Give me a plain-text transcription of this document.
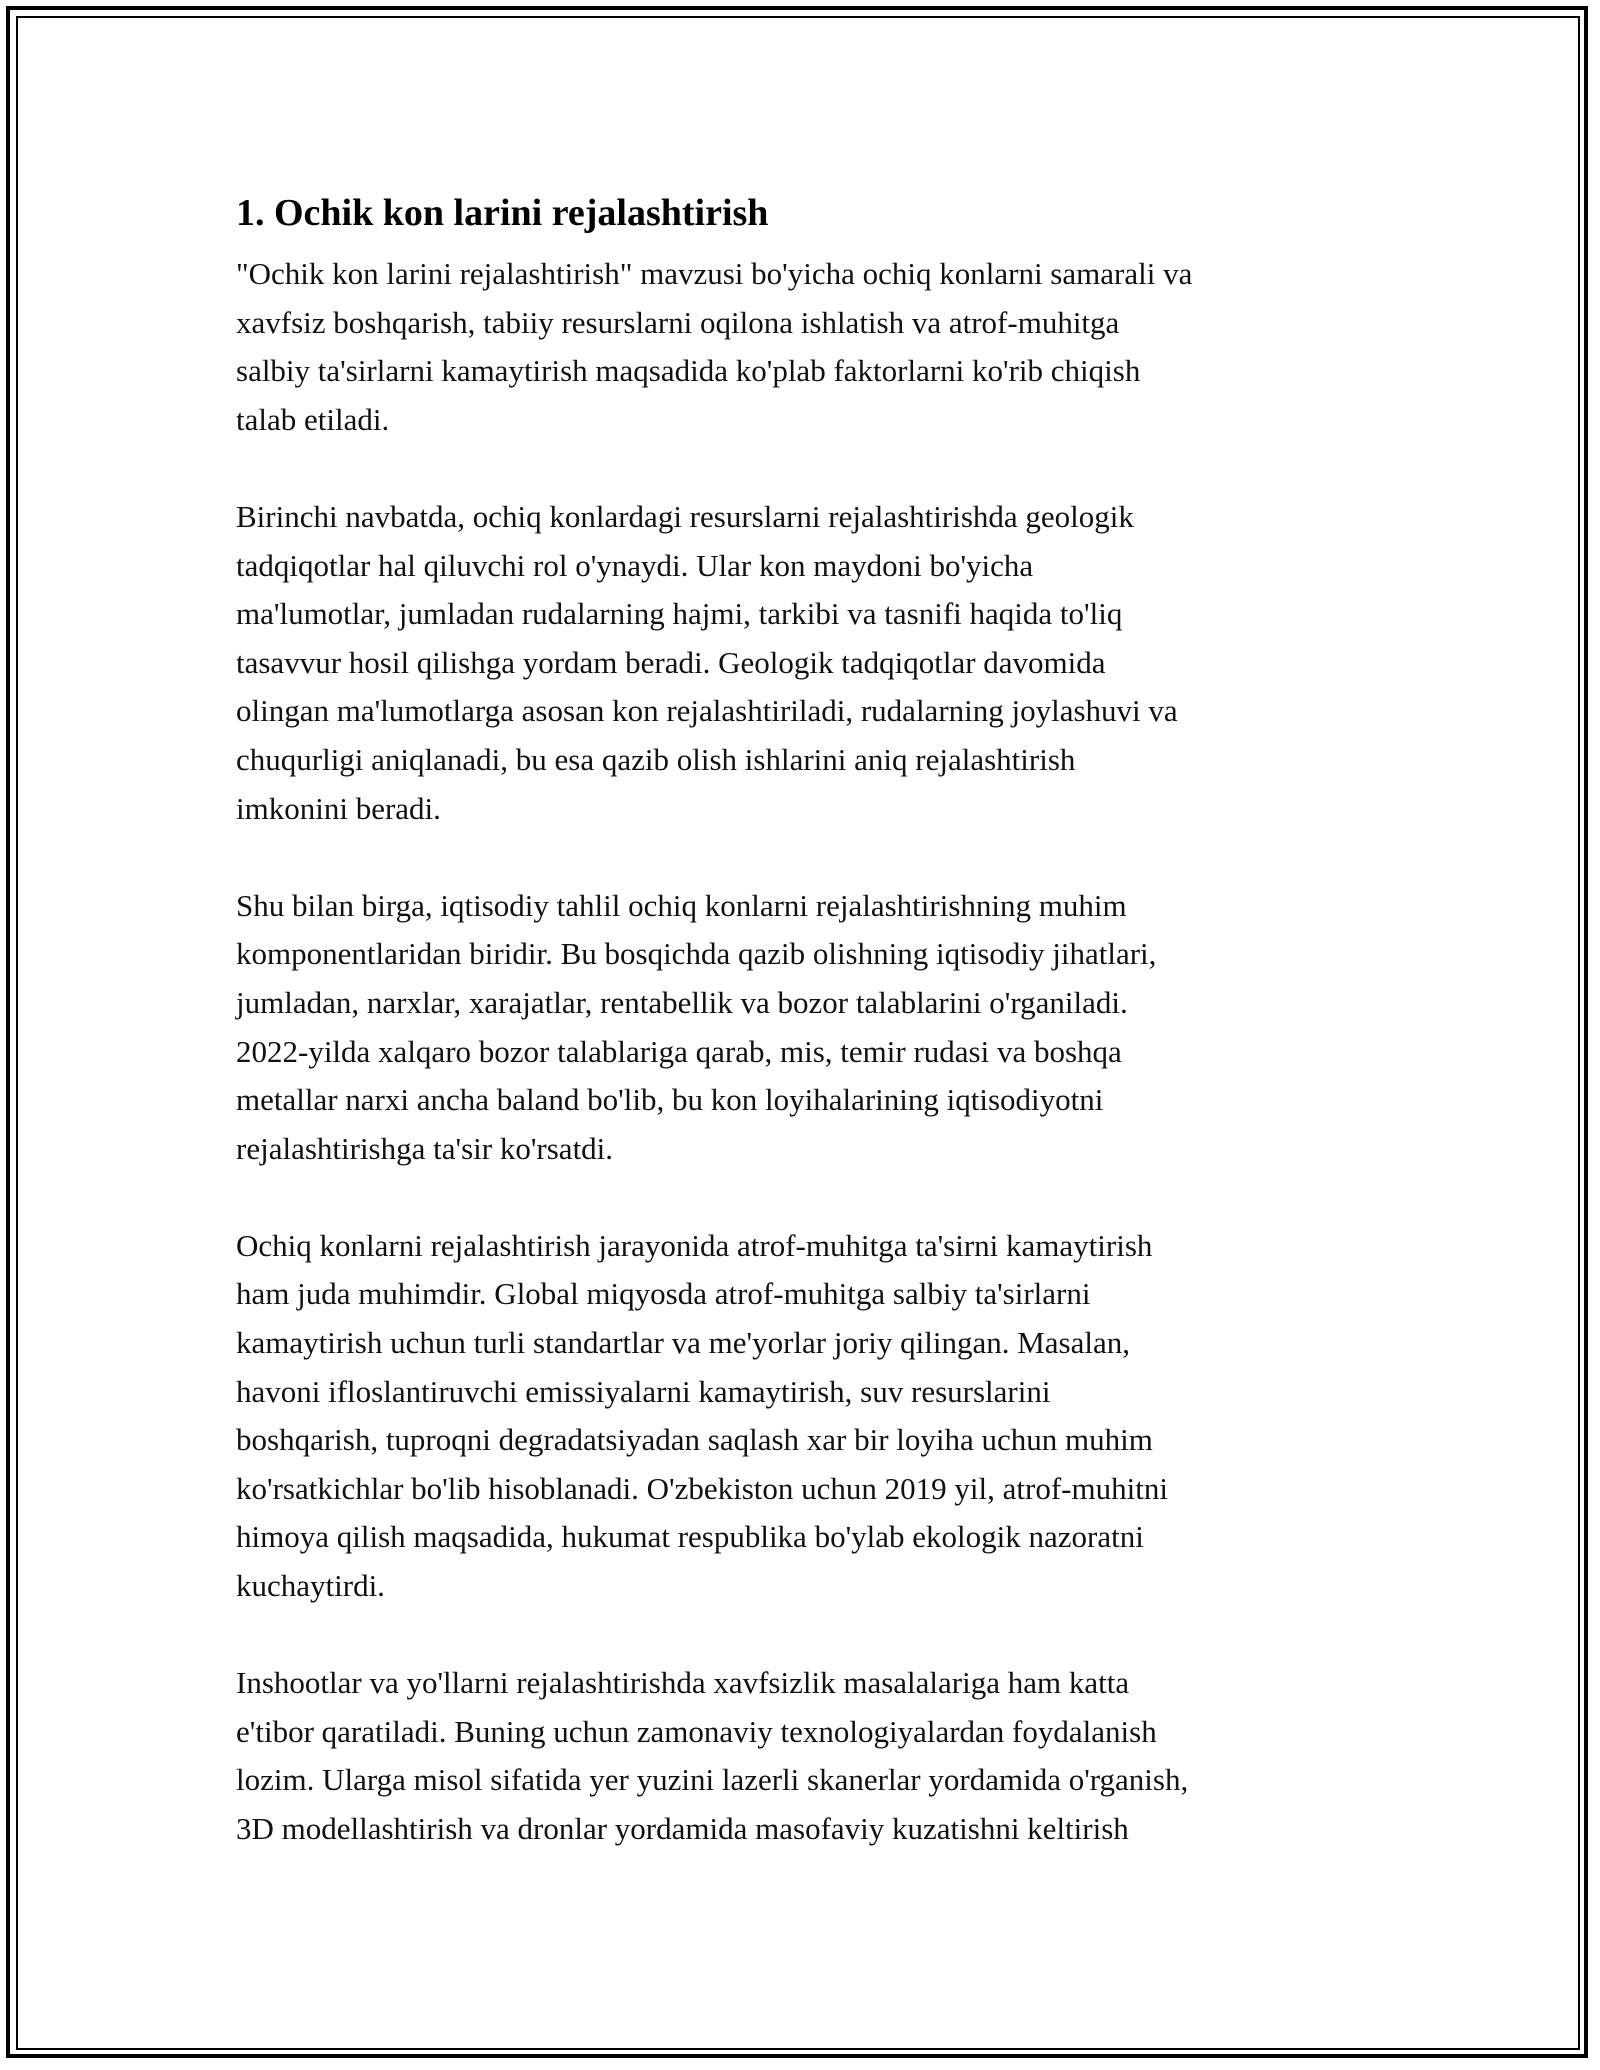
1. Ochik kon larini rejalashtirish

"Ochik kon larini rejalashtirish" mavzusi bo'yicha ochiq konlarni samarali va
xavfsiz boshqarish, tabiiy resurslarni oqilona ishlatish va atrof-muhitga
salbiy ta'sirlarni kamaytirish maqsadida ko'plab faktorlarni ko'rib chiqish
talab etiladi.

Birinchi navbatda, ochiq konlardagi resurslarni rejalashtirishda geologik
tadqiqotlar hal qiluvchi rol o'ynaydi. Ular kon maydoni bo'yicha
ma'lumotlar, jumladan rudalarning hajmi, tarkibi va tasnifi haqida to'liq
tasavvur hosil qilishga yordam beradi. Geologik tadqiqotlar davomida
olingan ma'lumotlarga asosan kon rejalashtiriladi, rudalarning joylashuvi va
chuqurligi aniqlanadi, bu esa qazib olish ishlarini aniq rejalashtirish
imkonini beradi.

Shu bilan birga, iqtisodiy tahlil ochiq konlarni rejalashtirishning muhim
komponentlaridan biridir. Bu bosqichda qazib olishning iqtisodiy jihatlari,
jumladan, narxlar, xarajatlar, rentabellik va bozor talablarini o'rganiladi.
2022-yilda xalqaro bozor talablariga qarab, mis, temir rudasi va boshqa
metallar narxi ancha baland bo'lib, bu kon loyihalarining iqtisodiyotni
rejalashtirishga ta'sir ko'rsatdi.

Ochiq konlarni rejalashtirish jarayonida atrof-muhitga ta'sirni kamaytirish
ham juda muhimdir. Global miqyosda atrof-muhitga salbiy ta'sirlarni
kamaytirish uchun turli standartlar va me'yorlar joriy qilingan. Masalan,
havoni ifloslantiruvchi emissiyalarni kamaytirish, suv resurslarini
boshqarish, tuproqni degradatsiyadan saqlash xar bir loyiha uchun muhim
ko'rsatkichlar bo'lib hisoblanadi. O'zbekiston uchun 2019 yil, atrof-muhitni
himoya qilish maqsadida, hukumat respublika bo'ylab ekologik nazoratni
kuchaytirdi.

Inshootlar va yo'llarni rejalashtirishda xavfsizlik masalalariga ham katta
e'tibor qaratiladi. Buning uchun zamonaviy texnologiyalardan foydalanish
lozim. Ularga misol sifatida yer yuzini lazerli skanerlar yordamida o'rganish,
3D modellashtirish va dronlar yordamida masofaviy kuzatishni keltirish
